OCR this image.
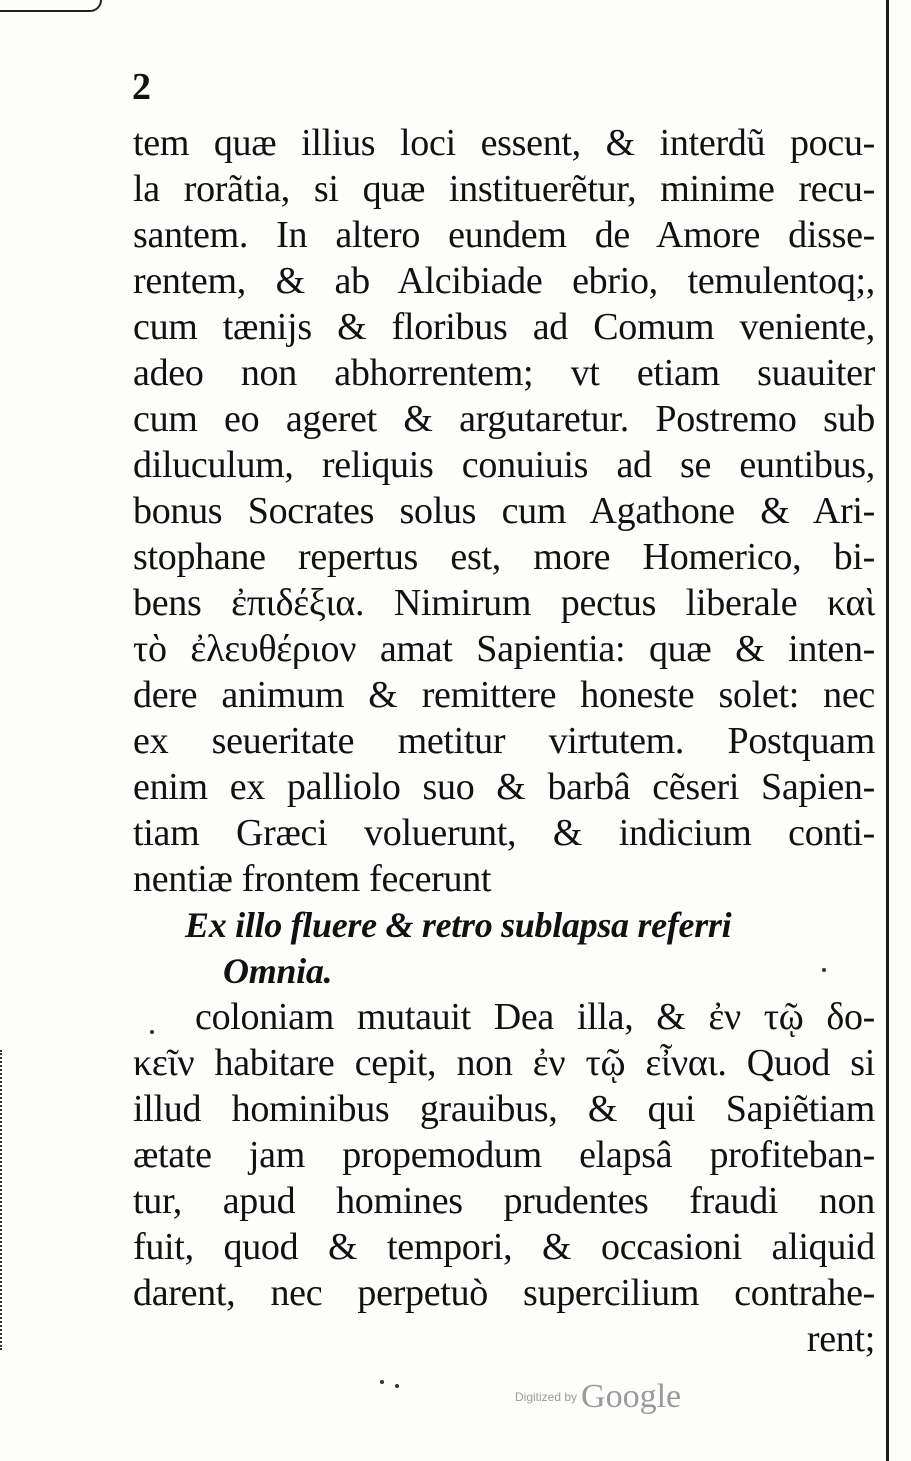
2
tem quæ illius loci essent, & interdũ pocu-
la rorãtia, si quæ instituerẽtur, minime recu-
santem. In altero eundem de Amore disse-
rentem, & ab Alcibiade ebrio, temulentoq;,
cum tænijs & floribus ad Comum veniente,
adeo non abhorrentem; vt etiam suauiter
cum eo ageret & argutaretur. Postremo sub
diluculum, reliquis conuiuis ad se euntibus,
bonus Socrates solus cum Agathone & Ari-
stophane repertus est, more Homerico, bi-
bens ἐπιδέξια. Nimirum pectus liberale καὶ
τὸ ἐλευθέριον amat Sapientia: quæ & inten-
dere animum & remittere honeste solet: nec
ex seueritate metitur virtutem. Postquam
enim ex palliolo suo & barbâ cẽseri Sapien-
tiam Græci voluerunt, & indicium conti-
nentiæ frontem fecerunt
Ex illo fluere & retro sublapsa referri
Omnia.
coloniam mutauit Dea illa, & ἐν τῷ δο-
κεῖν habitare cepit, non ἐν τῷ εἶναι. Quod si
illud hominibus grauibus, & qui Sapiẽtiam
ætate jam propemodum elapsâ profiteban-
tur, apud homines prudentes fraudi non
fuit, quod & tempori, & occasioni aliquid
darent, nec perpetuò supercilium contrahe-
rent;
Digitized by Google
